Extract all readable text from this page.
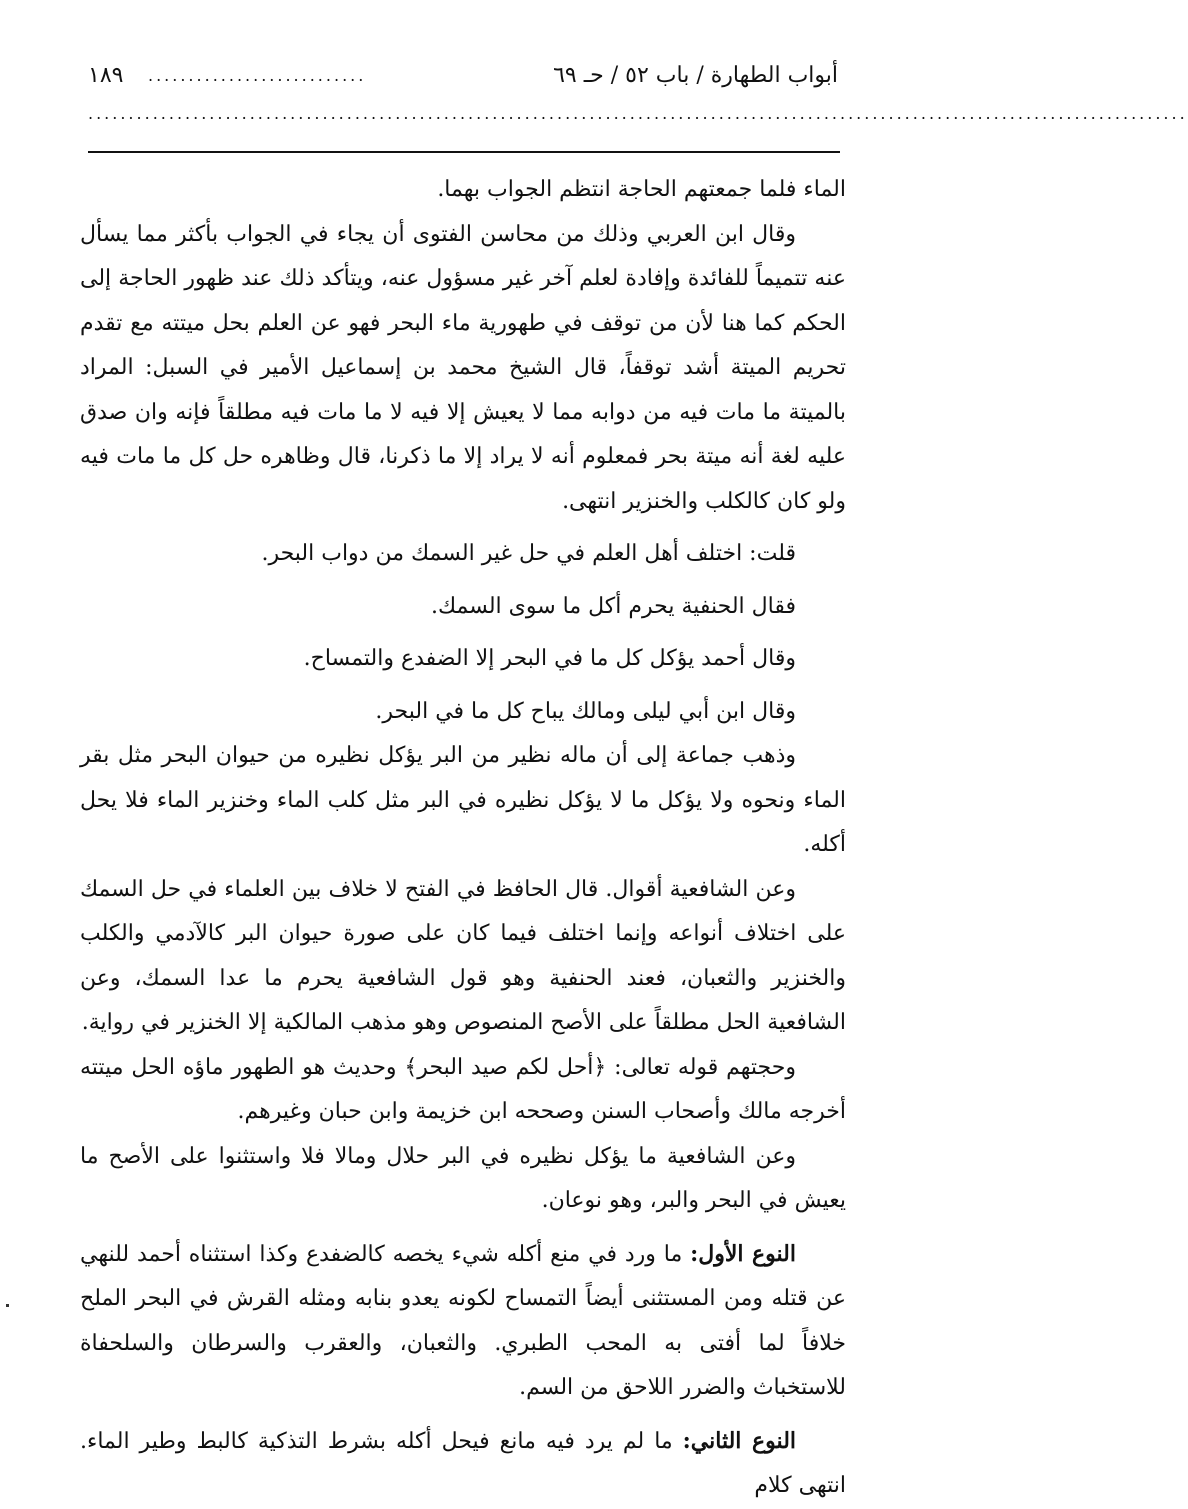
أبواب الطهارة / باب ٥٢ / حـ ٦٩
...........................
١٨٩
........................................................................................................................................

الماء فلما جمعتهم الحاجة انتظم الجواب بهما.

وقال ابن العربي وذلك من محاسن الفتوى أن يجاء في الجواب بأكثر مما يسأل عنه تتميماً للفائدة وإفادة لعلم آخر غير مسؤول عنه، ويتأكد ذلك عند ظهور الحاجة إلى الحكم كما هنا لأن من توقف في طهورية ماء البحر فهو عن العلم بحل ميتته مع تقدم تحريم الميتة أشد توقفاً، قال الشيخ محمد بن إسماعيل الأمير في السبل: المراد بالميتة ما مات فيه من دوابه مما لا يعيش إلا فيه لا ما مات فيه مطلقاً فإنه وان صدق عليه لغة أنه ميتة بحر فمعلوم أنه لا يراد إلا ما ذكرنا، قال وظاهره حل كل ما مات فيه ولو كان كالكلب والخنزير انتهى.

قلت: اختلف أهل العلم في حل غير السمك من دواب البحر.

فقال الحنفية يحرم أكل ما سوى السمك.

وقال أحمد يؤكل كل ما في البحر إلا الضفدع والتمساح.

وقال ابن أبي ليلى ومالك يباح كل ما في البحر.

وذهب جماعة إلى أن ماله نظير من البر يؤكل نظيره من حيوان البحر مثل بقر الماء ونحوه ولا يؤكل ما لا يؤكل نظيره في البر مثل كلب الماء وخنزير الماء فلا يحل أكله.

وعن الشافعية أقوال. قال الحافظ في الفتح لا خلاف بين العلماء في حل السمك على اختلاف أنواعه وإنما اختلف فيما كان على صورة حيوان البر كالآدمي والكلب والخنزير والثعبان، فعند الحنفية وهو قول الشافعية يحرم ما عدا السمك، وعن الشافعية الحل مطلقاً على الأصح المنصوص وهو مذهب المالكية إلا الخنزير في رواية.

وحجتهم قوله تعالى: ﴿أحل لكم صيد البحر﴾ وحديث هو الطهور ماؤه الحل ميتته أخرجه مالك وأصحاب السنن وصححه ابن خزيمة وابن حبان وغيرهم.

وعن الشافعية ما يؤكل نظيره في البر حلال ومالا فلا واستثنوا على الأصح ما يعيش في البحر والبر، وهو نوعان.

النوع الأول: ما ورد في منع أكله شيء يخصه كالضفدع وكذا استثناه أحمد للنهي عن قتله ومن المستثنى أيضاً التمساح لكونه يعدو بنابه ومثله القرش في البحر الملح خلافاً لما أفتى به المحب الطبري. والثعبان، والعقرب والسرطان والسلحفاة للاستخباث والضرر اللاحق من السم.

النوع الثاني: ما لم يرد فيه مانع فيحل أكله بشرط التذكية كالبط وطير الماء. انتهى كلام
